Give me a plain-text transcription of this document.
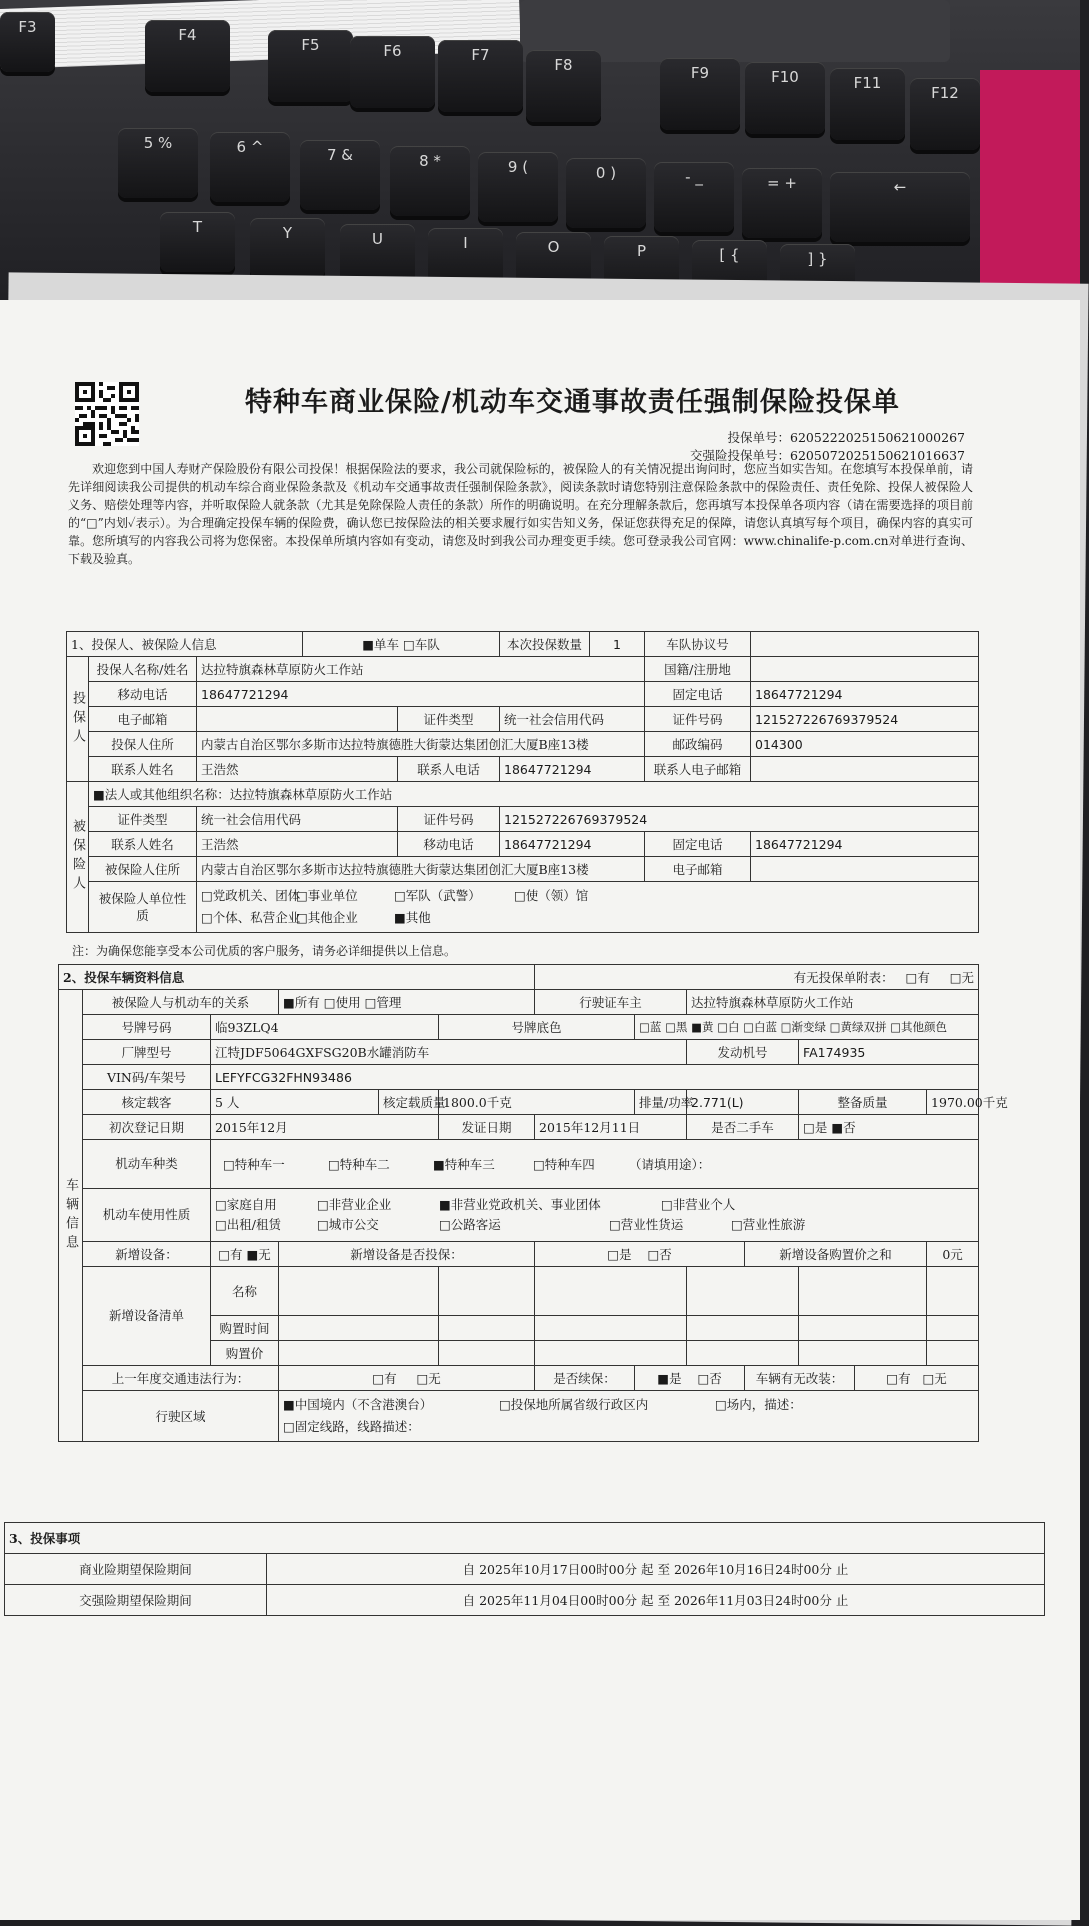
F3	F4
F5	F6	F7
F8	F9	F10	F11
F12
5 %	6 ^	7 &	8 *	9 (	0 )	- _	= +	←
T	Y	U	I	O	P	[ {	] }
特种车商业保险/机动车交通事故责任强制保险投保单
投保单号：6205222025150621000267
交强险投保单号：6205072025150621016637
欢迎您到中国人寿财产保险股份有限公司投保！根据保险法的要求，我公司就保险标的，被保险人的有关情况提出询问时，您应当如实告知。在您填写本投保单前，请先详细阅读我公司提供的机动车综合商业保险条款及《机动车交通事故责任强制保险条款》，阅读条款时请您特别注意保险条款中的保险责任、责任免除、投保人被保险人义务、赔偿处理等内容，并听取保险人就条款（尤其是免除保险人责任的条款）所作的明确说明。在充分理解条款后，您再填写本投保单各项内容（请在需要选择的项目前的“□”内划✓表示）。为合理确定投保车辆的保险费，确认您已按保险法的相关要求履行如实告知义务，保证您获得充足的保障，请您认真填写每个项目，确保内容的真实可靠。您所填写的内容我公司将为您保密。本投保单所填内容如有变动，请您及时到我公司办理变更手续。您可登录我公司官网：www.chinalife-p.com.cn对单进行查询、下载及验真。
1、投保人、被保险人信息			■单车 □车队		本次投保数量	1	车队协议号	
投保人	投保人名称/姓名	达拉特旗森林草原防火工作站					国籍/注册地	
	移动电话	18647721294					固定电话	18647721294
	电子邮箱			证件类型	统一社会信用代码		证件号码	121527226769379524
	投保人住所	内蒙古自治区鄂尔多斯市达拉特旗德胜大街蒙达集团创汇大厦B座13楼					邮政编码	014300
	联系人姓名	王浩然		联系人电话	18647721294		联系人电子邮箱	
被保险人	■法人或其他组织名称：达拉特旗森林草原防火工作站							
	证件类型	统一社会信用代码		证件号码	121527226769379524			
	联系人姓名	王浩然		移动电话	18647721294		固定电话	18647721294
	被保险人住所	内蒙古自治区鄂尔多斯市达拉特旗德胜大街蒙达集团创汇大厦B座13楼					电子邮箱	
	被保险人单位性质	□党政机关、团体□事业单位 □军队（武警） □使（领）馆
□个体、私营企业□其他企业 ■其他						
注：为确保您能享受本公司优质的客户服务，请务必详细提供以上信息。
2、投保车辆资料信息						有无投保单附表： □有 □无						
车辆信息	被保险人与机动车的关系		■所有 □使用 □管理			行驶证车主		达拉特旗森林草原防火工作站				
	号牌号码	临93ZLQ4			号牌底色		□蓝 □黑 ■黄 □白 □白蓝 □渐变绿 □黄绿双拼 □其他颜色					
	厂牌型号	江特JDF5064GXFSG20B水罐消防车						发动机号		FA174935		
	VIN码/车架号	LEFYFCG32FHN93486										
	核定载客	5 人		核定载质量	1800.0千克		排量/功率	2.771(L)		整备质量		1970.00千克
	初次登记日期	2015年12月			发证日期	2015年12月11日		是否二手车		□是 ■否		
	机动车种类	□特种车一 □特种车二 ■特种车三 □特种车四 （请填用途）：										
	机动车使用性质	□家庭自用 □非营业企业 ■非营业党政机关、事业团体 □非营业个人
□出租/租赁 □城市公交 □公路客运 □营业性货运 □营业性旅游										
	新增设备：	□有 ■无	新增设备是否投保：			□是 □否			新增设备购置价之和			0元
	新增设备清单	名称										

		购置时间										
		购置价										
	上一年度交通违法行为：		□有 □无			是否续保：	■是 □否		车辆有无改装：		□有 □无	
	行驶区域		■中国境内（不含港澳台） □投保地所属省级行政区内 □场内，描述：
□固定线路，线路描述：									
3、投保事项	
商业险期望保险期间	自 2025年10月17日00时00分 起 至 2026年10月16日24时00分 止
交强险期望保险期间	自 2025年11月04日00时00分 起 至 2026年11月03日24时00分 止
